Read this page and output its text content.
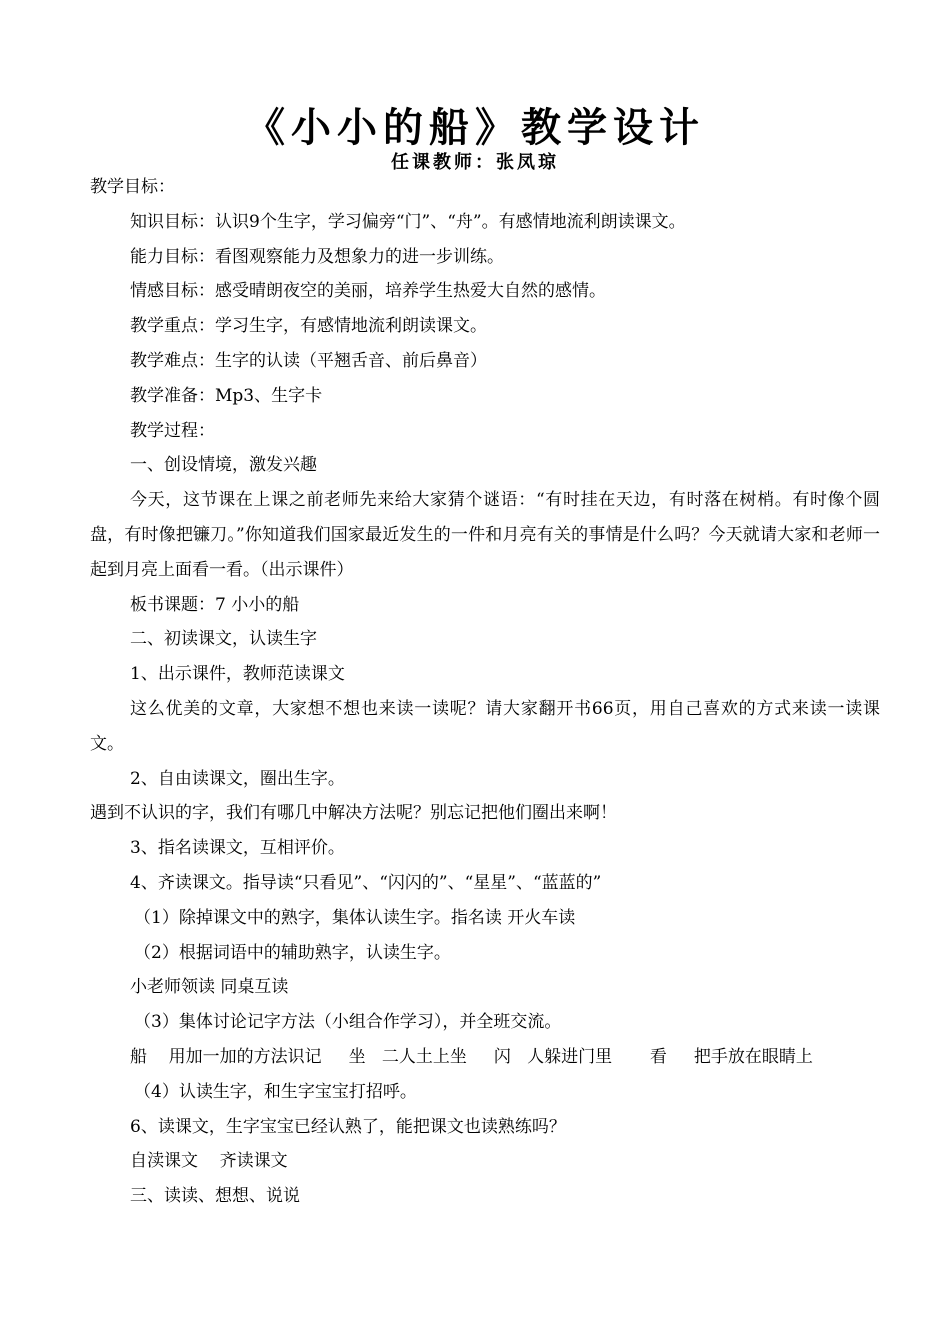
《小小的船》教学设计
任课教师：张凤琼

教学目标：

知识目标：认识9个生字，学习偏旁“门”、“舟”。有感情地流利朗读课文。

能力目标：看图观察能力及想象力的进一步训练。

情感目标：感受晴朗夜空的美丽，培养学生热爱大自然的感情。

教学重点：学习生字，有感情地流利朗读课文。

教学难点：生字的认读（平翘舌音、前后鼻音）

教学准备：Mp3、生字卡

教学过程：

一、创设情境，激发兴趣

今天，这节课在上课之前老师先来给大家猜个谜语：“有时挂在天边，有时落在树梢。有时像个圆盘，有时像把镰刀。”你知道我们国家最近发生的一件和月亮有关的事情是什么吗？今天就请大家和老师一起到月亮上面看一看。（出示课件）

板书课题：7 小小的船

二、初读课文，认读生字

1、出示课件，教师范读课文

这么优美的文章，大家想不想也来读一读呢？请大家翻开书66页，用自己喜欢的方式来读一读课文。

2、自由读课文，圈出生字。

遇到不认识的字，我们有哪几中解决方法呢？别忘记把他们圈出来啊！

3、指名读课文，互相评价。

4、齐读课文。指导读“只看见”、“闪闪的”、“星星”、“蓝蓝的”

（1）除掉课文中的熟字，集体认读生字。指名读 开火车读

（2）根据词语中的辅助熟字，认读生字。

小老师领读 同桌互读

（3）集体讨论记字方法（小组合作学习），并全班交流。

船    用加一加的方法识记     坐   二人土上坐     闪   人躲进门里       看     把手放在眼睛上

（4）认读生字，和生字宝宝打招呼。

6、读课文，生字宝宝已经认熟了，能把课文也读熟练吗？

自渎课文    齐读课文

三、读读、想想、说说
